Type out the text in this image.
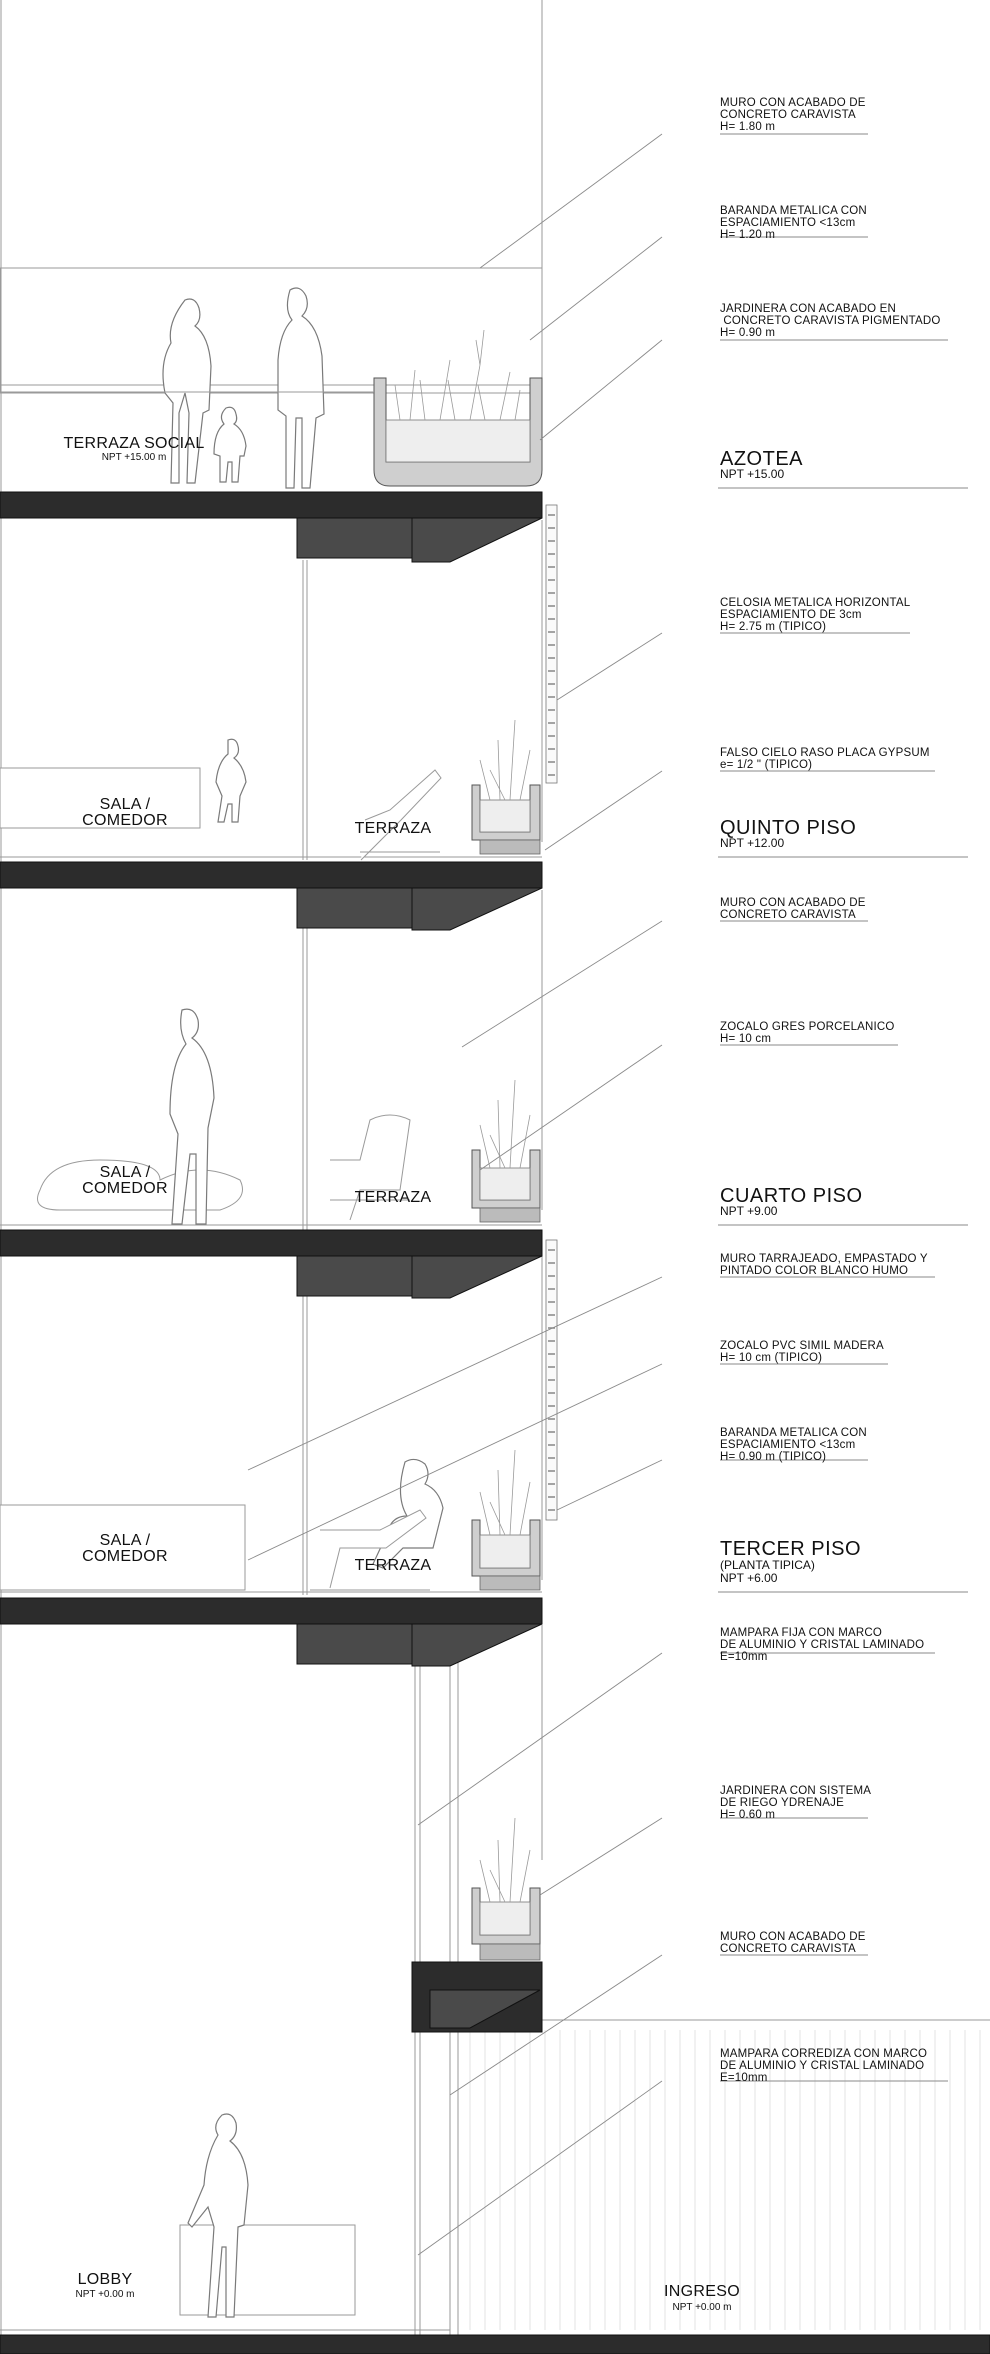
MURO CON ACABADO DE CONCRETO CARAVISTA H= 1.80 m
BARANDA METALICA CON ESPACIAMIENTO <13cm H= 1.20 m
JARDINERA CON ACABADO EN CONCRETO CARAVISTA PIGMENTADO H= 0.90 m
CELOSIA METALICA HORIZONTAL ESPACIAMIENTO DE 3cm H= 2.75 m (TIPICO)
FALSO CIELO RASO PLACA GYPSUM e= 1/2 " (TIPICO)
MURO CON ACABADO DE CONCRETO CARAVISTA
ZOCALO GRES PORCELANICO H= 10 cm
MURO TARRAJEADO, EMPASTADO Y PINTADO COLOR BLANCO HUMO
ZOCALO PVC SIMIL MADERA H= 10 cm (TIPICO)
BARANDA METALICA CON ESPACIAMIENTO <13cm H= 0.90 m (TIPICO)
MAMPARA FIJA CON MARCO DE ALUMINIO Y CRISTAL LAMINADO E=10mm
JARDINERA CON SISTEMA DE RIEGO YDRENAJE H= 0.60 m
MURO CON ACABADO DE CONCRETO CARAVISTA
MAMPARA CORREDIZA CON MARCO DE ALUMINIO Y CRISTAL LAMINADO E=10mm
AZOTEA
NPT +15.00
QUINTO PISO
NPT +12.00
CUARTO PISO
NPT +9.00
TERCER PISO
(PLANTA TIPICA) NPT +6.00
TERRAZA SOCIAL
NPT +15.00 m
SALA / COMEDOR	TERRAZA
SALA / COMEDOR
TERRAZA
SALA / COMEDOR
TERRAZA
LOBBY
NPT +0.00 m	INGRESO
NPT +0.00 m
